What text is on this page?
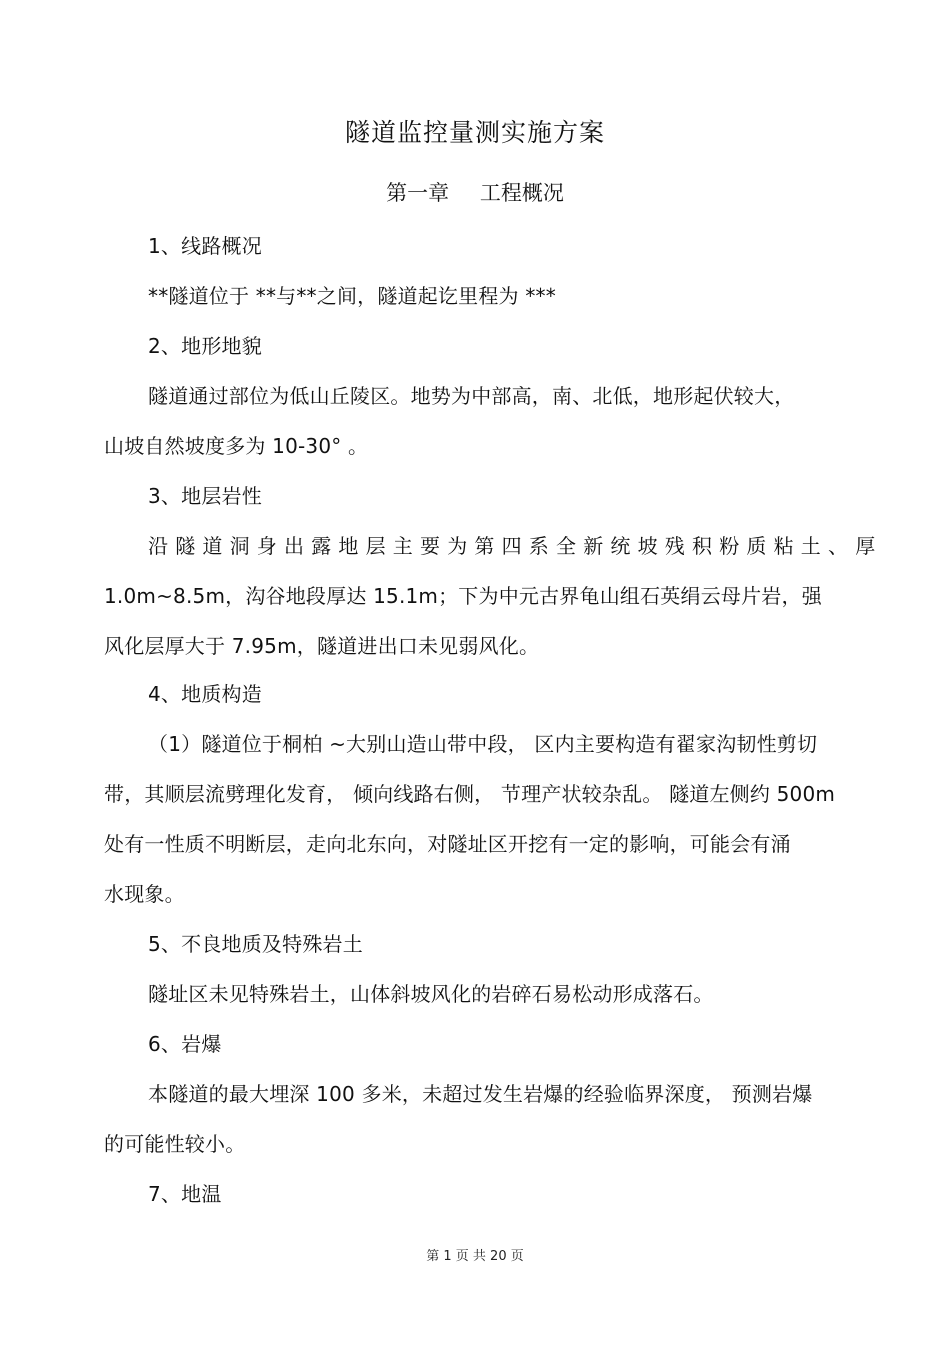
隧道监控量测实施方案
第一章 工程概况
1、线路概况
**隧道位于 **与**之间，隧道起讫里程为 ***
2、地形地貌
隧道通过部位为低山丘陵区。地势为中部高，南、北低，地形起伏较大，
山坡自然坡度多为 10-30° 。
3、地层岩性
沿隧道洞身出露地层主要为第四系全新统坡残积粉质粘土、厚
1.0m~8.5m，沟谷地段厚达 15.1m；下为中元古界龟山组石英绢云母片岩，强
风化层厚大于 7.95m，隧道进出口未见弱风化。
4、地质构造
（1）隧道位于桐柏 ~大别山造山带中段， 区内主要构造有翟家沟韧性剪切
带，其顺层流劈理化发育， 倾向线路右侧， 节理产状较杂乱。 隧道左侧约 500m
处有一性质不明断层，走向北东向，对隧址区开挖有一定的影响，可能会有涌
水现象。
5、不良地质及特殊岩土
隧址区未见特殊岩土，山体斜坡风化的岩碎石易松动形成落石。
6、岩爆
本隧道的最大埋深 100 多米，未超过发生岩爆的经验临界深度， 预测岩爆
的可能性较小。
7、地温
第 1 页 共 20 页
